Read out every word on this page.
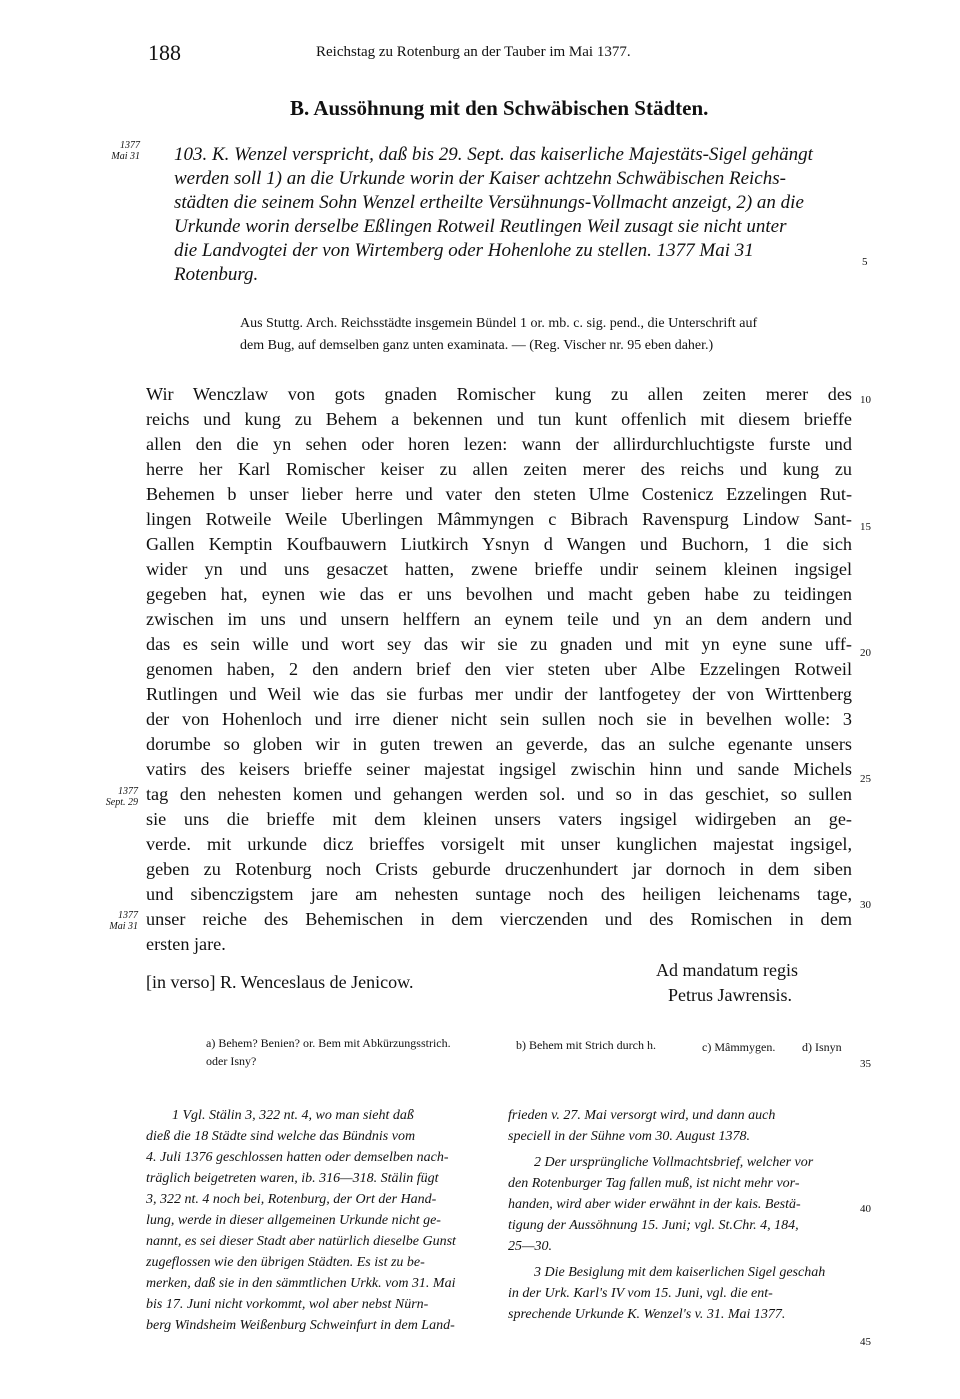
188	Reichstag zu Rotenburg an der Tauber im Mai 1377.
B. Aussöhnung mit den Schwäbischen Städten.
1377
Mai 31
1377
Sept. 29
1377
Mai 31
5
10
15
20
25
30
35
40
45
103. K. Wenzel verspricht, daß bis 29. Sept. das kaiserliche Majestäts-Sigel gehängt
werden soll 1) an die Urkunde worin der Kaiser achtzehn Schwäbischen Reichs-
städten die seinem Sohn Wenzel ertheilte Versühnungs-Vollmacht anzeigt, 2) an die
Urkunde worin derselbe Eßlingen Rotweil Reutlingen Weil zusagt sie nicht unter
die Landvogtei der von Wirtemberg oder Hohenlohe zu stellen. 1377 Mai 31
Rotenburg.
Aus Stuttg. Arch. Reichsstädte insgemein Bündel 1 or. mb. c. sig. pend., die Unterschrift auf
dem Bug, auf demselben ganz unten examinata. — (Reg. Vischer nr. 95 eben daher.)
Wir Wenczlaw von gots gnaden Romischer kung zu allen zeiten merer des
reichs und kung zu Behem a bekennen und tun kunt offenlich mit diesem brieffe
allen den die yn sehen oder horen lezen: wann der allirdurchluchtigste furste und
herre her Karl Romischer keiser zu allen zeiten merer des reichs und kung zu
Behemen b unser lieber herre und vater den steten Ulme Costenicz Ezzelingen Rut-
lingen Rotweile Weile Uberlingen Mâmmyngen c Bibrach Ravenspurg Lindow Sant-
Gallen Kemptin Koufbauwern Liutkirch Ysnyn d Wangen und Buchorn, 1 die sich
wider yn und uns gesaczet hatten, zwene brieffe undir seinem kleinen ingsigel
gegeben hat, eynen wie das er uns bevolhen und macht geben habe zu teidingen
zwischen im uns und unsern helffern an eynem teile und yn an dem andern und
das es sein wille und wort sey das wir sie zu gnaden und mit yn eyne sune uff-
genomen haben, 2 den andern brief den vier steten uber Albe Ezzelingen Rotweil
Rutlingen und Weil wie das sie furbas mer undir der lantfogetey der von Wirttenberg
der von Hohenloch und irre diener nicht sein sullen noch sie in bevelhen wolle: 3
dorumbe so globen wir in guten trewen an geverde, das an sulche egenante unsers
vatirs des keisers brieffe seiner majestat ingsigel zwischin hinn und sande Michels
tag den nehesten komen und gehangen werden sol. und so in das geschiet, so sullen
sie uns die brieffe mit dem kleinen unsers vaters ingsigel widirgeben an ge-
verde. mit urkunde dicz brieffes vorsigelt mit unser kunglichen majestat ingsigel,
geben zu Rotenburg noch Crists geburde druczenhundert jar dornoch in dem siben
und sibenczigstem jare am nehesten suntage noch des heiligen leichenams tage,
unser reiche des Behemischen in dem vierczenden und des Romischen in dem
ersten jare.
[in verso] R. Wenceslaus de Jenicow.
Ad mandatum regis
Petrus Jawrensis.
a) Behem? Benien? or. Bem mit Abkürzungsstrich.
oder Isny?
b) Behem mit Strich durch h.	c) Mâmmygen. d) Isnyn
1 Vgl. Stälin 3, 322 nt. 4, wo man sieht daß
dieß die 18 Städte sind welche das Bündnis vom
4. Juli 1376 geschlossen hatten oder demselben nach-
träglich beigetreten waren, ib. 316—318. Stälin fügt
3, 322 nt. 4 noch bei, Rotenburg, der Ort der Hand-
lung, werde in dieser allgemeinen Urkunde nicht ge-
nannt, es sei dieser Stadt aber natürlich dieselbe Gunst
zugeflossen wie den übrigen Städten. Es ist zu be-
merken, daß sie in den sämmtlichen Urkk. vom 31. Mai
bis 17. Juni nicht vorkommt, wol aber nebst Nürn-
berg Windsheim Weißenburg Schweinfurt in dem Land-
frieden v. 27. Mai versorgt wird, und dann auch
speciell in der Sühne vom 30. August 1378.
2 Der ursprüngliche Vollmachtsbrief, welcher vor
den Rotenburger Tag fallen muß, ist nicht mehr vor-
handen, wird aber wider erwähnt in der kais. Bestä-
tigung der Aussöhnung 15. Juni; vgl. St.Chr. 4, 184,
25—30.
3 Die Besiglung mit dem kaiserlichen Sigel geschah
in der Urk. Karl's IV vom 15. Juni, vgl. die ent-
sprechende Urkunde K. Wenzel's v. 31. Mai 1377.
